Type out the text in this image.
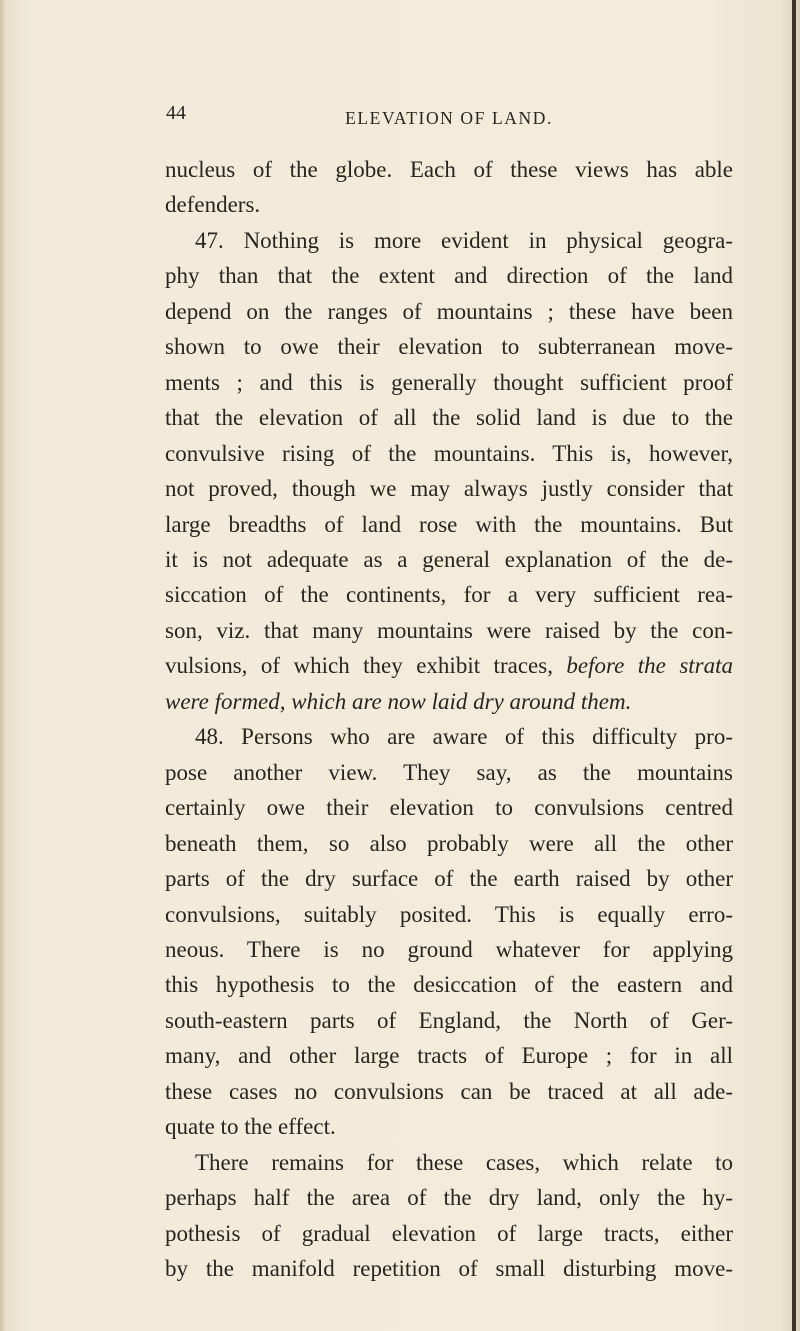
44	ELEVATION OF LAND.
nucleus of the globe. Each of these views has able
defenders.
47. Nothing is more evident in physical geogra-
phy than that the extent and direction of the land
depend on the ranges of mountains ; these have been
shown to owe their elevation to subterranean move-
ments ; and this is generally thought sufficient proof
that the elevation of all the solid land is due to the
convulsive rising of the mountains. This is, however,
not proved, though we may always justly consider that
large breadths of land rose with the mountains. But
it is not adequate as a general explanation of the de-
siccation of the continents, for a very sufficient rea-
son, viz. that many mountains were raised by the con-
vulsions, of which they exhibit traces, before the strata
were formed, which are now laid dry around them.
48. Persons who are aware of this difficulty pro-
pose another view. They say, as the mountains
certainly owe their elevation to convulsions centred
beneath them, so also probably were all the other
parts of the dry surface of the earth raised by other
convulsions, suitably posited. This is equally erro-
neous. There is no ground whatever for applying
this hypothesis to the desiccation of the eastern and
south-eastern parts of England, the North of Ger-
many, and other large tracts of Europe ; for in all
these cases no convulsions can be traced at all ade-
quate to the effect.
There remains for these cases, which relate to
perhaps half the area of the dry land, only the hy-
pothesis of gradual elevation of large tracts, either
by the manifold repetition of small disturbing move-
